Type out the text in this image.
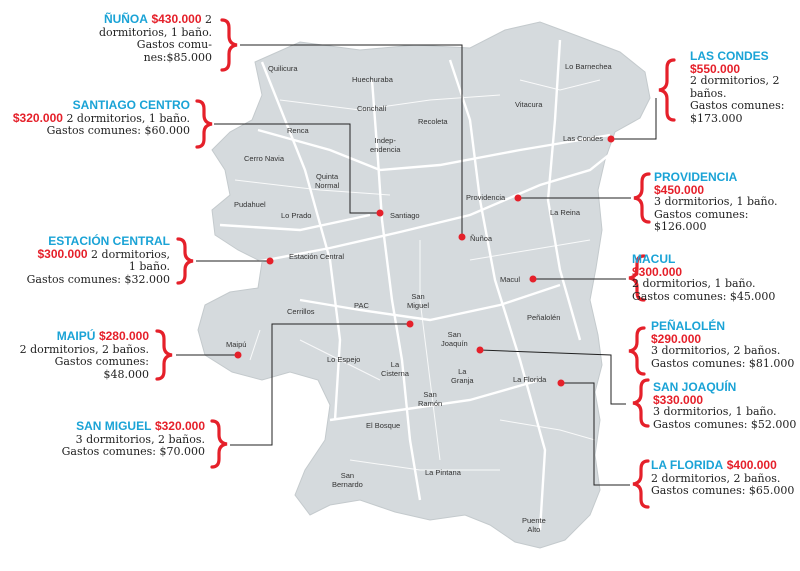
Quilicura
Huechuraba
Lo Barnechea
Conchalí
Recoleta
Vitacura
Renca
Indep-
endencia
Las Condes
Cerro Navia
Quinta
Normal
Providencia
Pudahuel
Lo Prado	Santiago	La Reina
Ñuñoa
Estación Central
Macul
Cerrillos
PAC
San
Miguel
Peñalolén
Maipú
San
Joaquín
Lo Espejo
La
Cisterna	La
Granja	La Florida
San
Ramón
El Bosque
San
Bernardo
La Pintana
Puente
Alto
ÑUÑOA $430.000 2
dormitorios, 1 baño.
Gastos comu-
nes:$85.000
SANTIAGO CENTRO
$320.000 2 dormitorios, 1 baño.
Gastos comunes: $60.000
ESTACIÓN CENTRAL
$300.000 2 dormitorios,
1 baño.
Gastos comunes: $32.000
MAIPÚ $280.000
2 dormitorios, 2 baños.
Gastos comunes:
$48.000
SAN MIGUEL $320.000
3 dormitorios, 2 baños.
Gastos comunes: $70.000
LAS CONDES
$550.000
2 dormitorios, 2
baños.
Gastos comunes:
$173.000
PROVIDENCIA
$450.000
3 dormitorios, 1 baño.
Gastos comunes:
$126.000
MACUL
$300.000
2 dormitorios, 1 baño.
Gastos comunes: $45.000
PEÑALOLÉN
$290.000
3 dormitorios, 2 baños.
Gastos comunes: $81.000
SAN JOAQUÍN
$330.000
3 dormitorios, 1 baño.
Gastos comunes: $52.000
LA FLORIDA $400.000
2 dormitorios, 2 baños.
Gastos comunes: $65.000
